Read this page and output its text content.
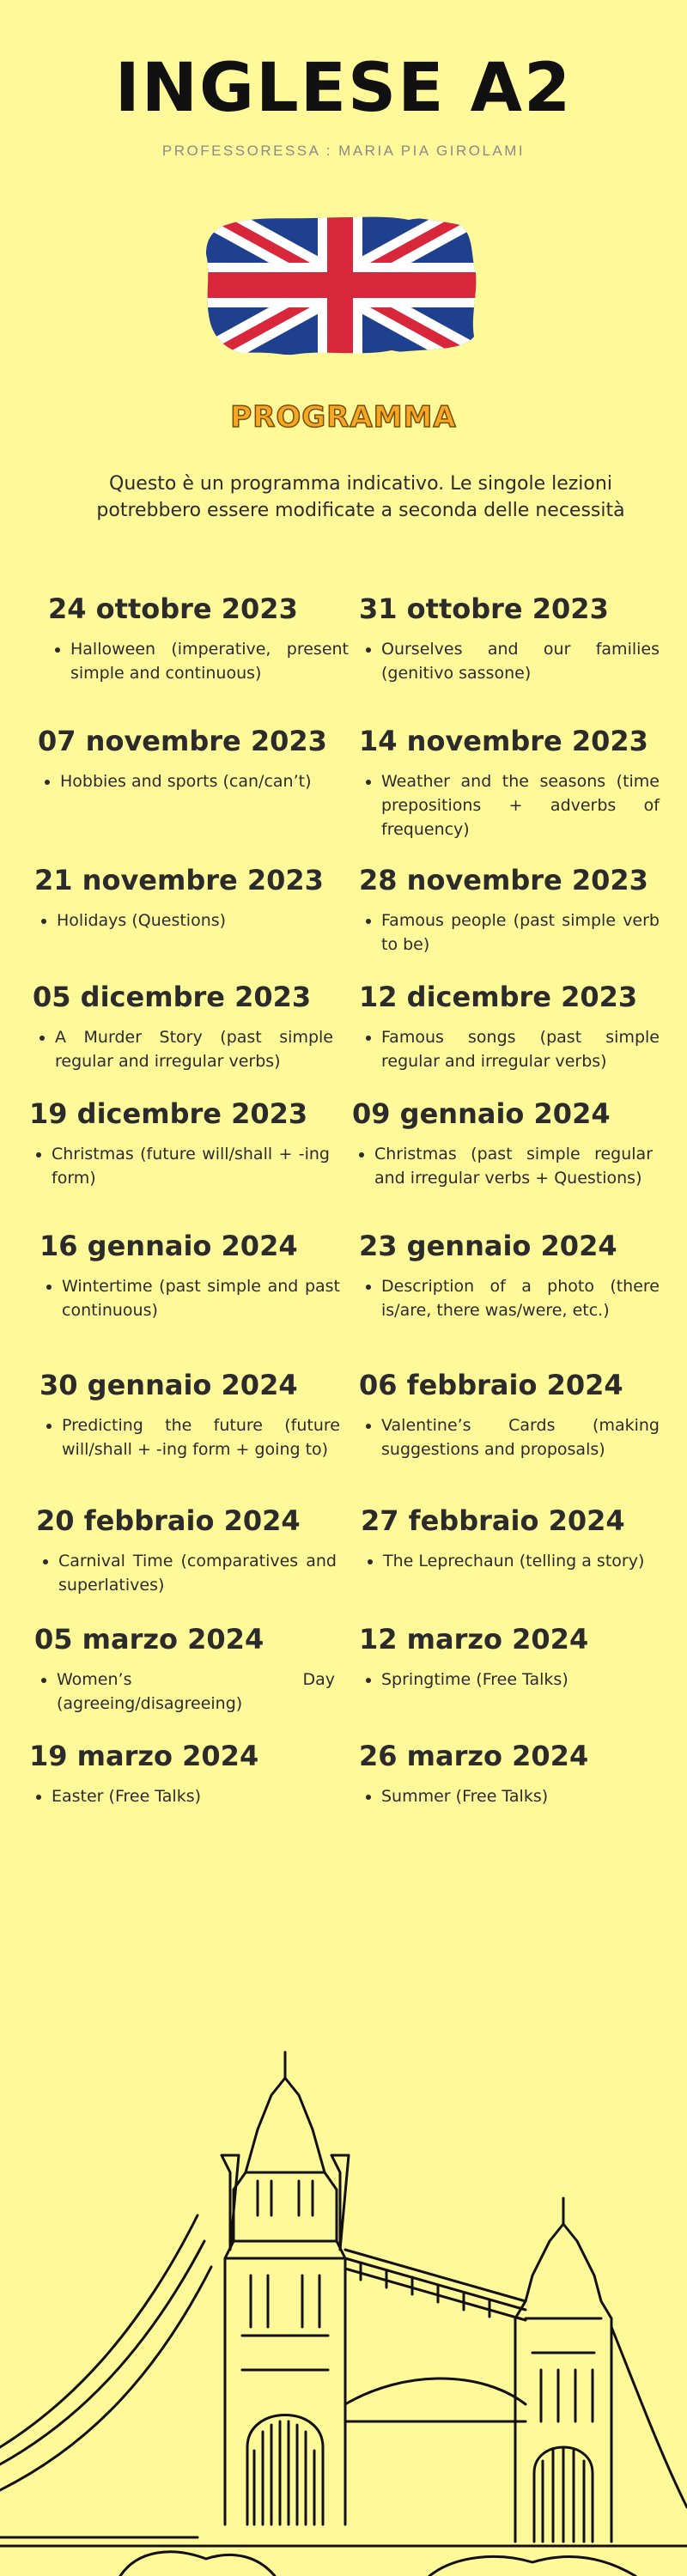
INGLESE A2
PROFESSORESSA : MARIA PIA GIROLAMI
PROGRAMMA
Questo è un programma indicativo. Le singole lezioni potrebbero essere modificate a seconda delle necessità
24 ottobre 2023
• Halloween (imperative, present simple and continuous)
31 ottobre 2023
• Ourselves and our families (genitivo sassone)
07 novembre 2023
• Hobbies and sports (can/can’t)
14 novembre 2023
• Weather and the seasons (time prepositions + adverbs of frequency)
21 novembre 2023
• Holidays (Questions)
28 novembre 2023
• Famous people (past simple verb to be)
05 dicembre 2023
• A Murder Story (past simple regular and irregular verbs)
12 dicembre 2023
• Famous songs (past simple regular and irregular verbs)
19 dicembre 2023
• Christmas (future will/shall + -ing form)
09 gennaio 2024
• Christmas (past simple regular and irregular verbs + Questions)
16 gennaio 2024
• Wintertime (past simple and past continuous)
23 gennaio 2024
• Description of a photo (there is/are, there was/were, etc.)
30 gennaio 2024
• Predicting the future (future will/shall + -ing form + going to)
06 febbraio 2024
• Valentine’s Cards (making suggestions and proposals)
20 febbraio 2024
• Carnival Time (comparatives and superlatives)
27 febbraio 2024
• The Leprechaun (telling a story)
05 marzo 2024
• Women’s Day (agreeing/disagreeing)
12 marzo 2024
• Springtime (Free Talks)
19 marzo 2024
• Easter (Free Talks)
26 marzo 2024
• Summer (Free Talks)
